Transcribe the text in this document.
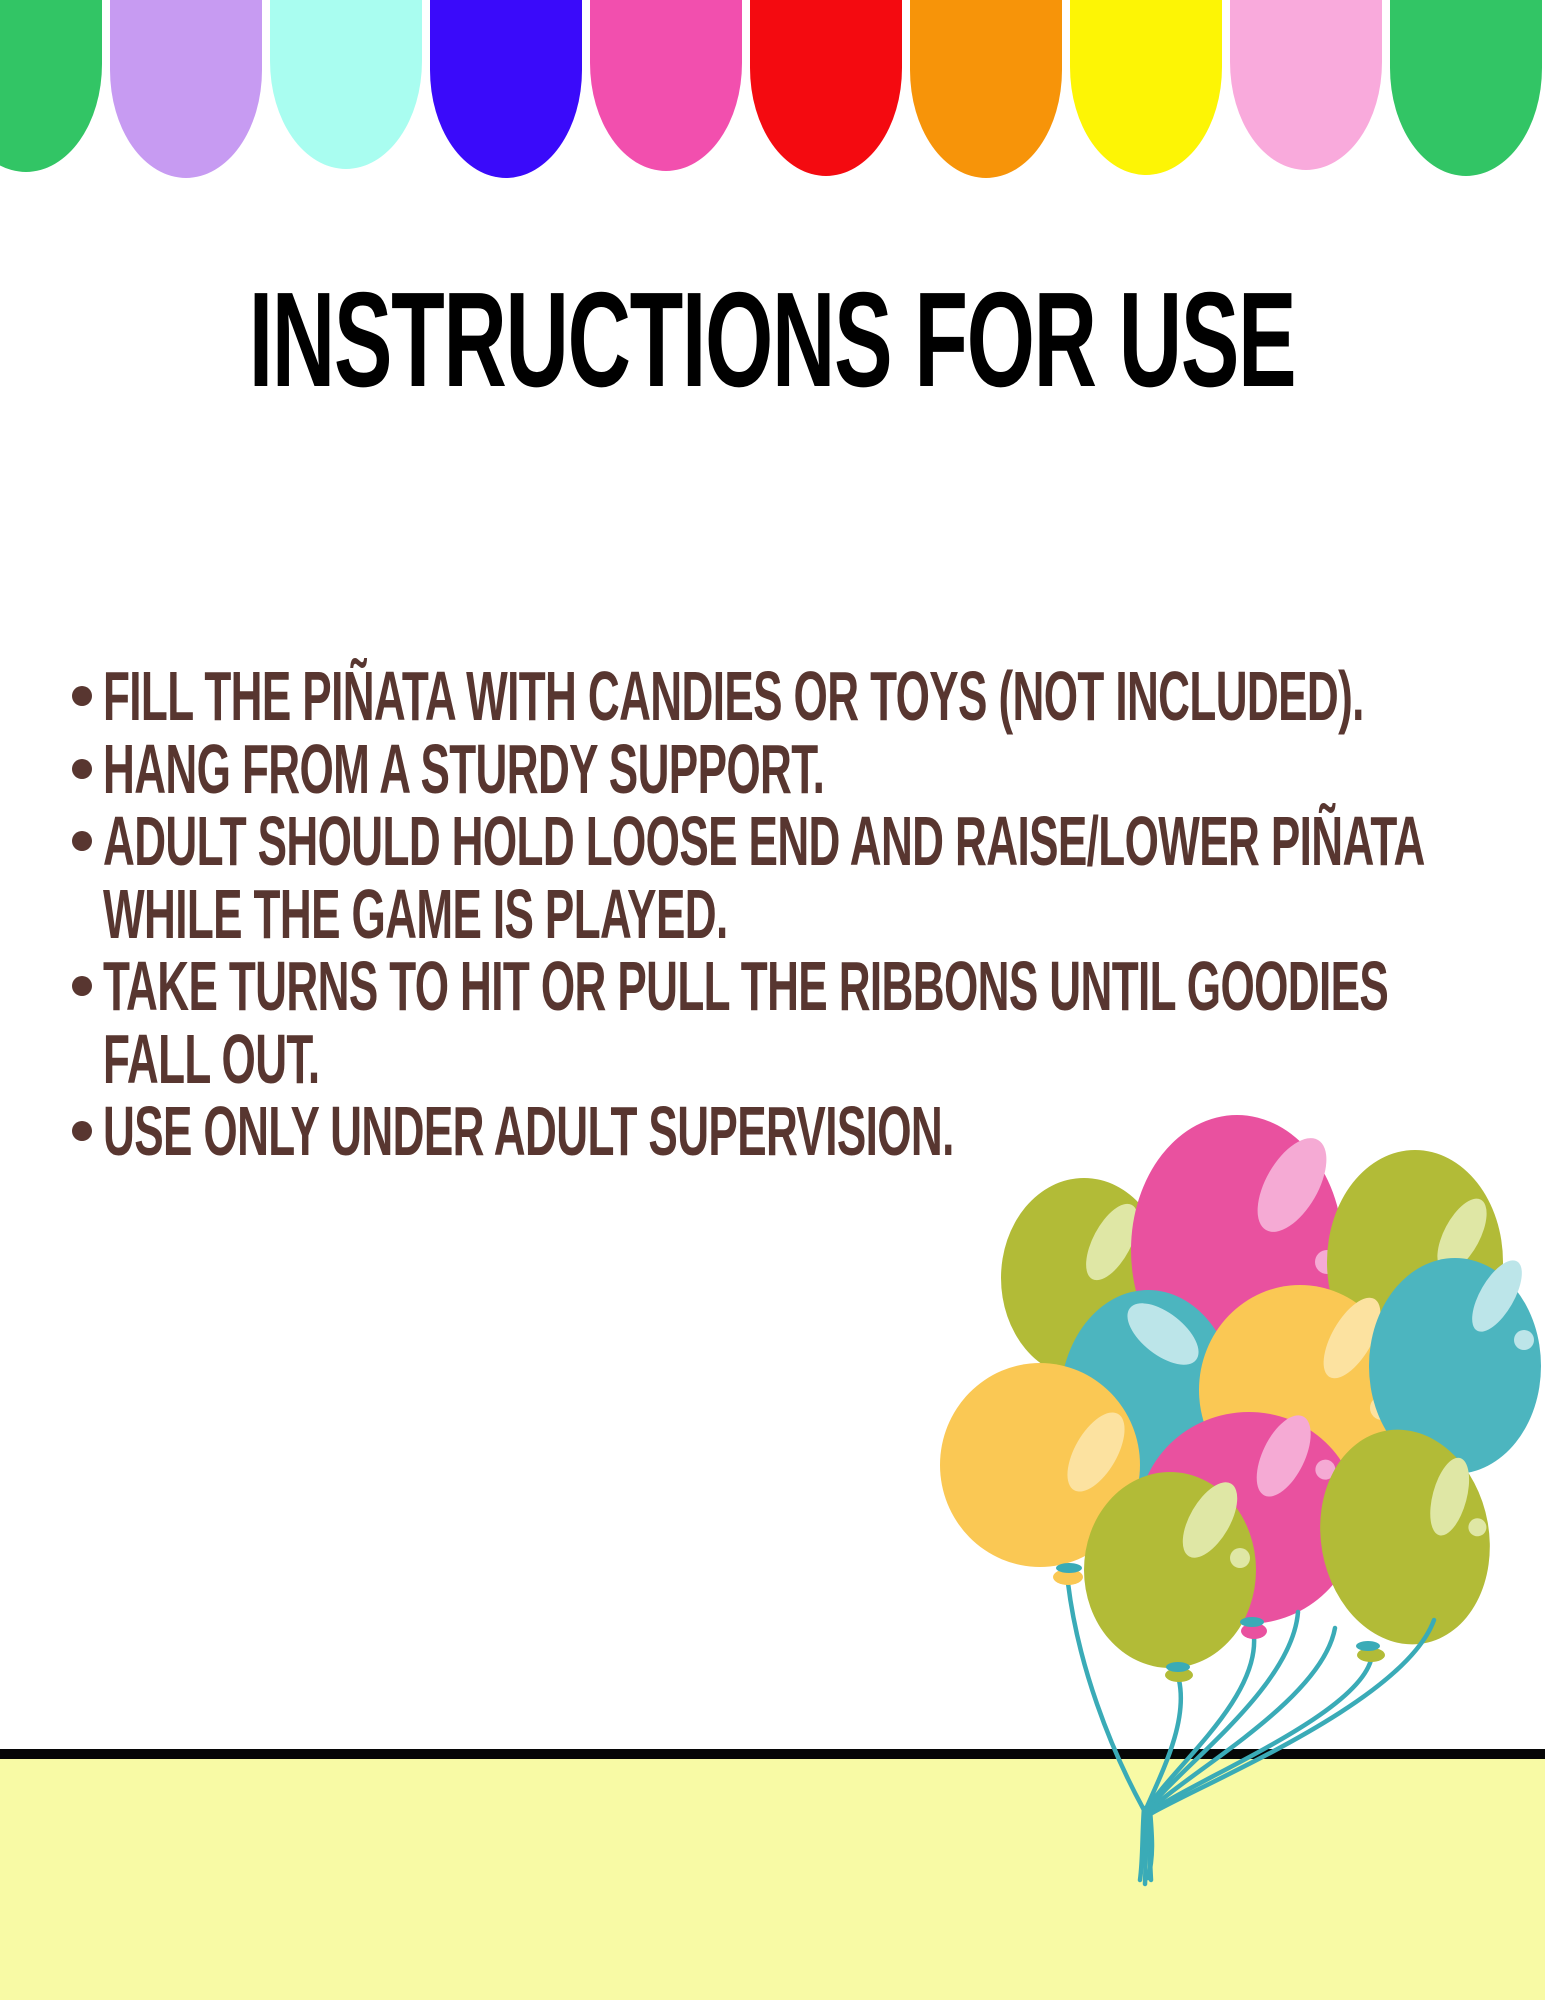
INSTRUCTIONS FOR USE
FILL THE PIÑATA WITH CANDIES OR TOYS (NOT INCLUDED).
HANG FROM A STURDY SUPPORT.
ADULT SHOULD HOLD LOOSE END AND RAISE/LOWER PIÑATA
WHILE THE GAME IS PLAYED.
TAKE TURNS TO HIT OR PULL THE RIBBONS UNTIL GOODIES
FALL OUT.
USE ONLY UNDER ADULT SUPERVISION.
